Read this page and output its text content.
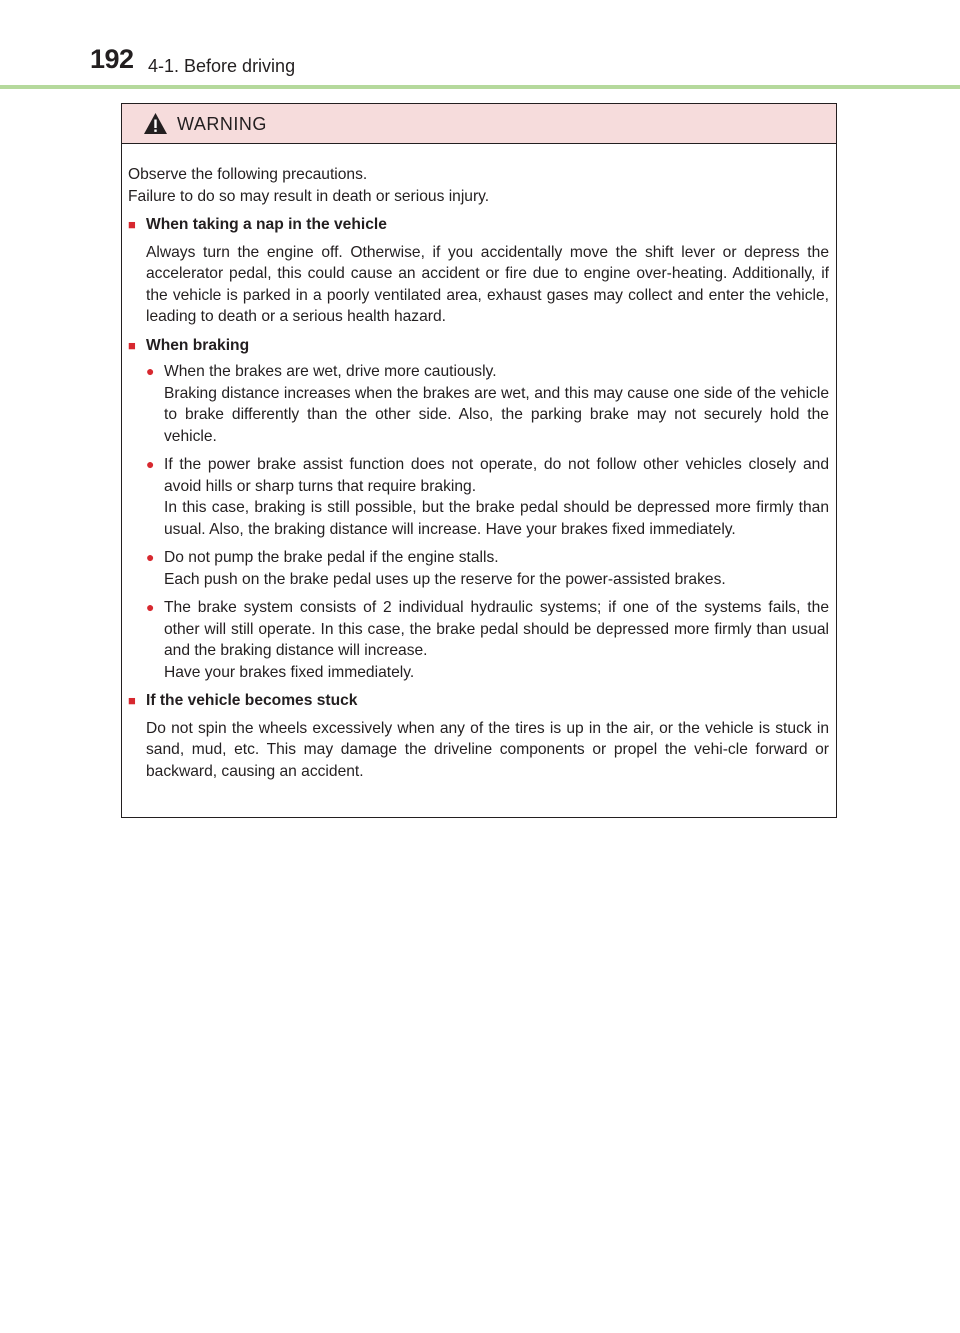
192 4-1. Before driving
WARNING

Observe the following precautions.

Failure to do so may result in death or serious injury.

■ When taking a nap in the vehicle
Always turn the engine off. Otherwise, if you accidentally move the shift lever or depress the accelerator pedal, this could cause an accident or fire due to engine over-heating. Additionally, if the vehicle is parked in a poorly ventilated area, exhaust gases may collect and enter the vehicle, leading to death or a serious health hazard.
■ When braking
● When the brakes are wet, drive more cautiously.

Braking distance increases when the brakes are wet, and this may cause one side of the vehicle to brake differently than the other side. Also, the parking brake may not securely hold the vehicle.

● If the power brake assist function does not operate, do not follow other vehicles closely and avoid hills or sharp turns that require braking.

In this case, braking is still possible, but the brake pedal should be depressed more firmly than usual. Also, the braking distance will increase. Have your brakes fixed immediately.

● Do not pump the brake pedal if the engine stalls.

Each push on the brake pedal uses up the reserve for the power-assisted brakes.

● The brake system consists of 2 individual hydraulic systems; if one of the systems fails, the other will still operate. In this case, the brake pedal should be depressed more firmly than usual and the braking distance will increase.

Have your brakes fixed immediately.

■ If the vehicle becomes stuck
Do not spin the wheels excessively when any of the tires is up in the air, or the vehicle is stuck in sand, mud, etc. This may damage the driveline components or propel the vehi-cle forward or backward, causing an accident.
